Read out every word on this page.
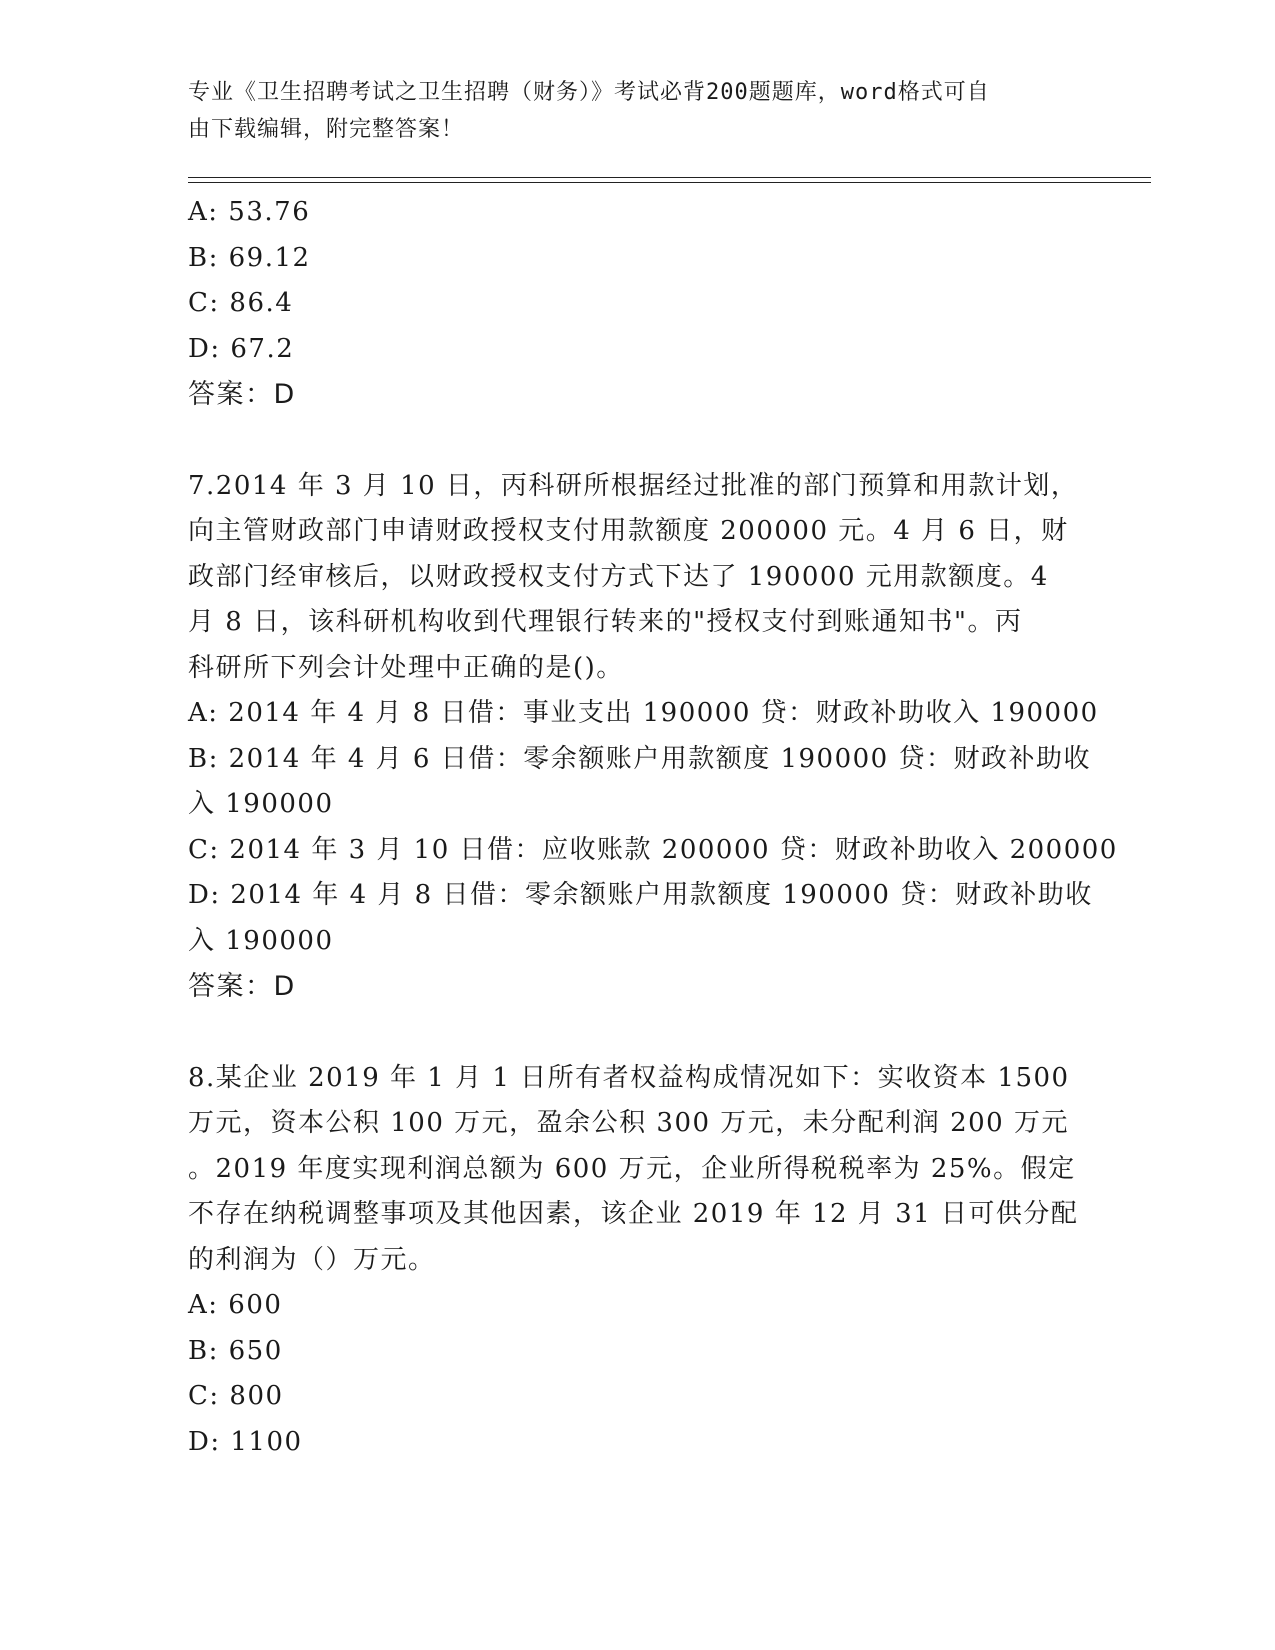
专业《卫生招聘考试之卫生招聘（财务）》考试必背200题题库，word格式可自
由下载编辑，附完整答案！
A: 53.76
B: 69.12
C: 86.4
D: 67.2
答案：D
7.2014 年 3 月 10 日，丙科研所根据经过批准的部门预算和用款计划，
向主管财政部门申请财政授权支付用款额度 200000 元。4 月 6 日，财
政部门经审核后，以财政授权支付方式下达了 190000 元用款额度。4
月 8 日，该科研机构收到代理银行转来的"授权支付到账通知书"。丙
科研所下列会计处理中正确的是()。
A: 2014 年 4 月 8 日借：事业支出 190000 贷：财政补助收入 190000
B: 2014 年 4 月 6 日借：零余额账户用款额度 190000 贷：财政补助收
入 190000
C: 2014 年 3 月 10 日借：应收账款 200000 贷：财政补助收入 200000
D: 2014 年 4 月 8 日借：零余额账户用款额度 190000 贷：财政补助收
入 190000
答案：D
8.某企业 2019 年 1 月 1 日所有者权益构成情况如下：实收资本 1500
万元，资本公积 100 万元，盈余公积 300 万元，未分配利润 200 万元
。2019 年度实现利润总额为 600 万元，企业所得税税率为 25%。假定
不存在纳税调整事项及其他因素，该企业 2019 年 12 月 31 日可供分配
的利润为（）万元。
A: 600
B: 650
C: 800
D: 1100
